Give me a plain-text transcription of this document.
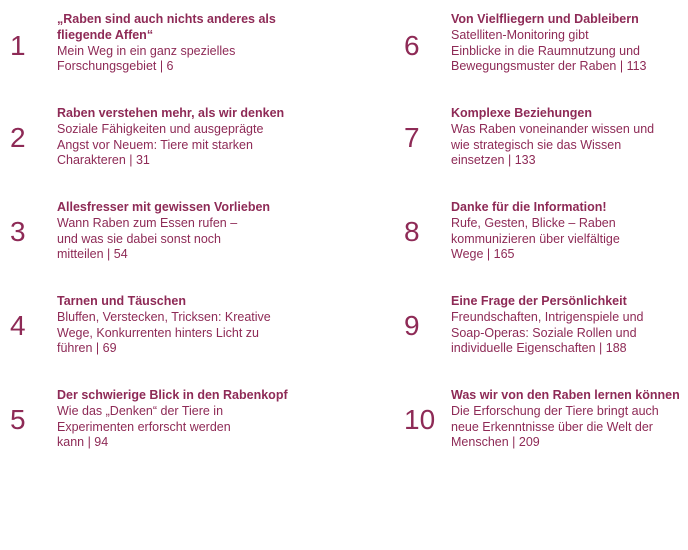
1
„Raben sind auch nichts anderes als
fliegende Affen“
Mein Weg in ein ganz spezielles
Forschungsgebiet | 6
2
Raben verstehen mehr, als wir denken
Soziale Fähigkeiten und ausgeprägte
Angst vor Neuem: Tiere mit starken
Charakteren | 31
3
Allesfresser mit gewissen Vorlieben
Wann Raben zum Essen rufen –
und was sie dabei sonst noch
mitteilen | 54
4
Tarnen und Täuschen
Bluffen, Verstecken, Tricksen: Kreative
Wege, Konkurrenten hinters Licht zu
führen | 69
5
Der schwierige Blick in den Rabenkopf
Wie das „Denken“ der Tiere in
Experimenten erforscht werden
kann | 94
6
Von Vielfliegern und Dableibern
Satelliten-Monitoring gibt
Einblicke in die Raumnutzung und
Bewegungsmuster der Raben | 113
7
Komplexe Beziehungen
Was Raben voneinander wissen und
wie strategisch sie das Wissen
einsetzen | 133
8
Danke für die Information!
Rufe, Gesten, Blicke – Raben
kommunizieren über vielfältige
Wege | 165
9
Eine Frage der Persönlichkeit
Freundschaften, Intrigenspiele und
Soap-Operas: Soziale Rollen und
individuelle Eigenschaften | 188
10
Was wir von den Raben lernen können
Die Erforschung der Tiere bringt auch
neue Erkenntnisse über die Welt der
Menschen | 209
